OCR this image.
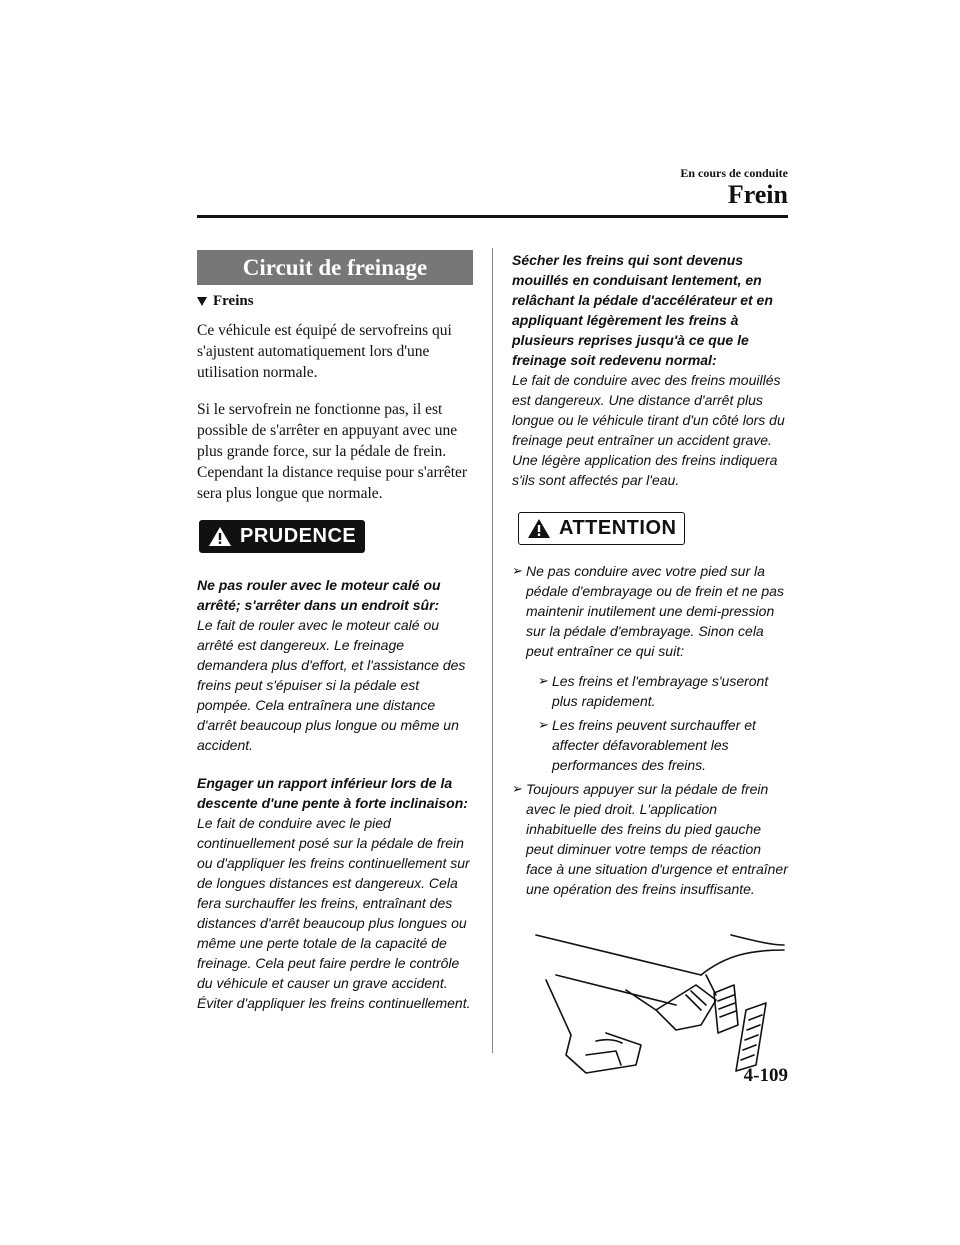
En cours de conduite
Frein
Circuit de freinage
Freins

Ce véhicule est équipé de servofreins qui s'ajustent automatiquement lors d'une utilisation normale.

Si le servofrein ne fonctionne pas, il est possible de s'arrêter en appuyant avec une plus grande force, sur la pédale de frein. Cependant la distance requise pour s'arrêter sera plus longue que normale.

PRUDENCE

Ne pas rouler avec le moteur calé ou arrêté; s'arrêter dans un endroit sûr:

Le fait de rouler avec le moteur calé ou arrêté est dangereux. Le freinage demandera plus d'effort, et l'assistance des freins peut s'épuiser si la pédale est pompée. Cela entraînera une distance d'arrêt beaucoup plus longue ou même un accident.

Engager un rapport inférieur lors de la descente d'une pente à forte inclinaison:

Le fait de conduire avec le pied continuellement posé sur la pédale de frein ou d'appliquer les freins continuellement sur de longues distances est dangereux. Cela fera surchauffer les freins, entraînant des distances d'arrêt beaucoup plus longues ou même une perte totale de la capacité de freinage. Cela peut faire perdre le contrôle du véhicule et causer un grave accident. Éviter d'appliquer les freins continuellement.

Sécher les freins qui sont devenus mouillés en conduisant lentement, en relâchant la pédale d'accélérateur et en appliquant légèrement les freins à plusieurs reprises jusqu'à ce que le freinage soit redevenu normal:

Le fait de conduire avec des freins mouillés est dangereux. Une distance d'arrêt plus longue ou le véhicule tirant d'un côté lors du freinage peut entraîner un accident grave. Une légère application des freins indiquera s'ils sont affectés par l'eau.

ATTENTION
➢ Ne pas conduire avec votre pied sur la pédale d'embrayage ou de frein et ne pas maintenir inutilement une demi-pression sur la pédale d'embrayage. Sinon cela peut entraîner ce qui suit:
➢ Les freins et l'embrayage s'useront plus rapidement.
➢ Les freins peuvent surchauffer et affecter défavorablement les performances des freins.
➢ Toujours appuyer sur la pédale de frein avec le pied droit. L'application inhabituelle des freins du pied gauche peut diminuer votre temps de réaction face à une situation d'urgence et entraîner une opération des freins insuffisante.
4-109
